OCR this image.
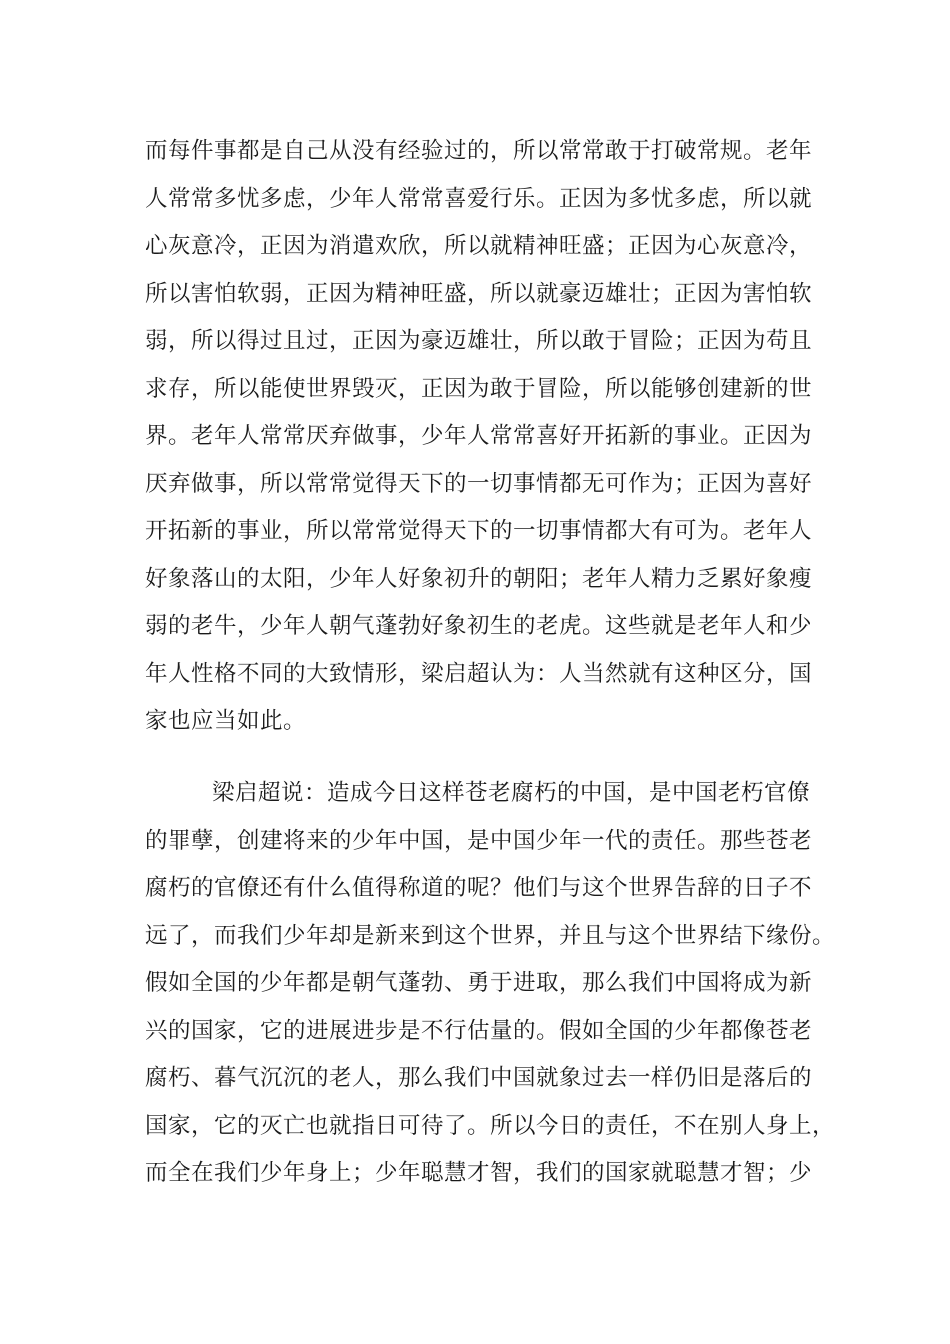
而每件事都是自己从没有经验过的，所以常常敢于打破常规。老年
人常常多忧多虑，少年人常常喜爱行乐。正因为多忧多虑，所以就
心灰意冷，正因为消遣欢欣，所以就精神旺盛；正因为心灰意冷，
所以害怕软弱，正因为精神旺盛，所以就豪迈雄壮；正因为害怕软
弱，所以得过且过，正因为豪迈雄壮，所以敢于冒险；正因为苟且
求存，所以能使世界毁灭，正因为敢于冒险，所以能够创建新的世
界。老年人常常厌弃做事，少年人常常喜好开拓新的事业。正因为
厌弃做事，所以常常觉得天下的一切事情都无可作为；正因为喜好
开拓新的事业，所以常常觉得天下的一切事情都大有可为。老年人
好象落山的太阳，少年人好象初升的朝阳；老年人精力乏累好象瘦
弱的老牛，少年人朝气蓬勃好象初生的老虎。这些就是老年人和少
年人性格不同的大致情形，梁启超认为：人当然就有这种区分，国
家也应当如此。
梁启超说：造成今日这样苍老腐朽的中国，是中国老朽官僚
的罪孽，创建将来的少年中国，是中国少年一代的责任。那些苍老
腐朽的官僚还有什么值得称道的呢？他们与这个世界告辞的日子不
远了，而我们少年却是新来到这个世界，并且与这个世界结下缘份。
假如全国的少年都是朝气蓬勃、勇于进取，那么我们中国将成为新
兴的国家，它的进展进步是不行估量的。假如全国的少年都像苍老
腐朽、暮气沉沉的老人，那么我们中国就象过去一样仍旧是落后的
国家，它的灭亡也就指日可待了。所以今日的责任，不在别人身上，
而全在我们少年身上；少年聪慧才智，我们的国家就聪慧才智；少
